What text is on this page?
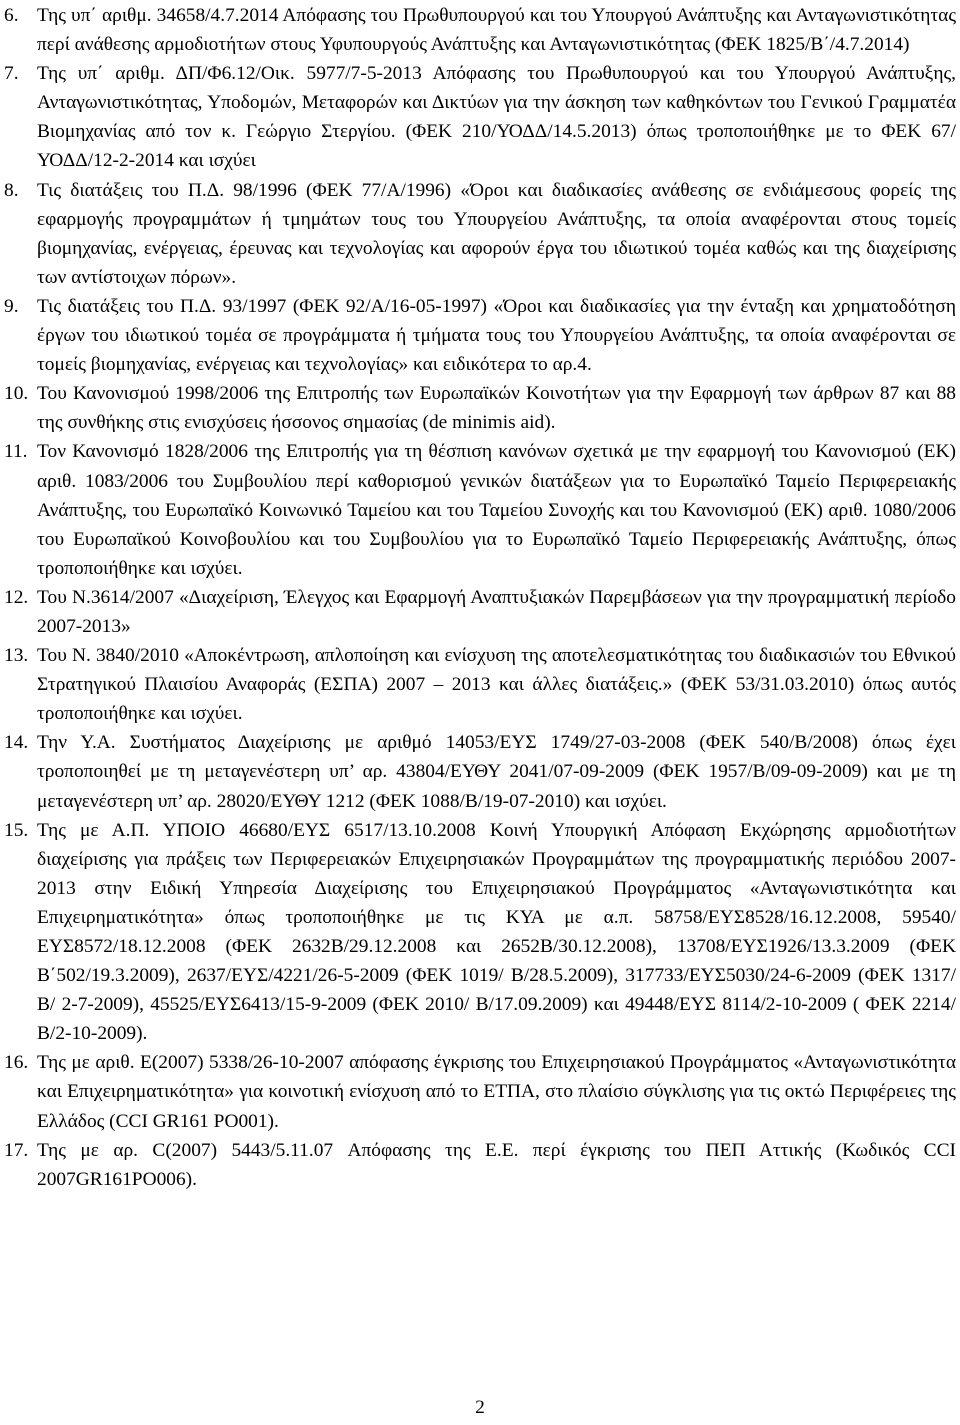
6. Της υπ΄ αριθμ. 34658/4.7.2014 Απόφασης του Πρωθυπουργού και του Υπουργού Ανάπτυξης και Ανταγωνιστικότητας περί ανάθεσης αρμοδιοτήτων στους Υφυπουργούς Ανάπτυξης και Ανταγωνιστικότητας (ΦΕΚ 1825/Β΄/4.7.2014)
7. Της υπ΄ αριθμ. ΔΠ/Φ6.12/Οικ. 5977/7-5-2013 Απόφασης του Πρωθυπουργού και του Υπουργού Ανάπτυξης, Ανταγωνιστικότητας, Υποδομών, Μεταφορών και Δικτύων για την άσκηση των καθηκόντων του Γενικού Γραμματέα Βιομηχανίας από τον κ. Γεώργιο Στεργίου. (ΦΕΚ 210/ΥΟΔΔ/14.5.2013) όπως τροποποιήθηκε με το ΦΕΚ 67/ΥΟΔΔ/12-2-2014 και ισχύει
8. Τις διατάξεις του Π.Δ. 98/1996 (ΦΕΚ 77/Α/1996) «Όροι και διαδικασίες ανάθεσης σε ενδιάμεσους φορείς της εφαρμογής προγραμμάτων ή τμημάτων τους του Υπουργείου Ανάπτυξης, τα οποία αναφέρονται στους τομείς βιομηχανίας, ενέργειας, έρευνας και τεχνολογίας και αφορούν έργα του ιδιωτικού τομέα καθώς και της διαχείρισης των αντίστοιχων πόρων».
9. Τις διατάξεις του Π.Δ. 93/1997 (ΦΕΚ 92/Α/16-05-1997) «Όροι και διαδικασίες για την ένταξη και χρηματοδότηση έργων του ιδιωτικού τομέα σε προγράμματα ή τμήματα τους του Υπουργείου Ανάπτυξης, τα οποία αναφέρονται σε τομείς βιομηχανίας, ενέργειας και τεχνολογίας» και ειδικότερα το αρ.4.
10. Του Κανονισμού 1998/2006 της Επιτροπής των Ευρωπαϊκών Κοινοτήτων για την Εφαρμογή των άρθρων 87 και 88 της συνθήκης στις ενισχύσεις ήσσονος σημασίας (de minimis aid).
11. Τον Κανονισμό 1828/2006 της Επιτροπής για τη θέσπιση κανόνων σχετικά με την εφαρμογή του Κανονισμού (ΕΚ) αριθ. 1083/2006 του Συμβουλίου περί καθορισμού γενικών διατάξεων για το Ευρωπαϊκό Ταμείο Περιφερειακής Ανάπτυξης, του Ευρωπαϊκό Κοινωνικό Ταμείου και του Ταμείου Συνοχής και του Κανονισμού (ΕΚ) αριθ. 1080/2006 του Ευρωπαϊκού Κοινοβουλίου και του Συμβουλίου για το Ευρωπαϊκό Ταμείο Περιφερειακής Ανάπτυξης, όπως τροποποιήθηκε και ισχύει.
12. Του Ν.3614/2007 «Διαχείριση, Έλεγχος και Εφαρμογή Αναπτυξιακών Παρεμβάσεων για την προγραμματική περίοδο 2007-2013»
13. Του Ν. 3840/2010 «Αποκέντρωση, απλοποίηση και ενίσχυση της αποτελεσματικότητας του διαδικασιών του Εθνικού Στρατηγικού Πλαισίου Αναφοράς (ΕΣΠΑ) 2007 – 2013 και άλλες διατάξεις.» (ΦΕΚ 53/31.03.2010) όπως αυτός τροποποιήθηκε και ισχύει.
14. Την Υ.Α. Συστήματος Διαχείρισης με αριθμό 14053/ΕΥΣ 1749/27-03-2008 (ΦΕΚ 540/Β/2008) όπως έχει τροποποιηθεί με τη μεταγενέστερη υπ’ αρ. 43804/ΕΥΘΥ 2041/07-09-2009 (ΦΕΚ 1957/Β/09-09-2009) και με τη μεταγενέστερη υπ’ αρ. 28020/ΕΥΘΥ 1212 (ΦΕΚ 1088/Β/19-07-2010) και ισχύει.
15. Της με Α.Π. ΥΠΟΙΟ 46680/ΕΥΣ 6517/13.10.2008 Κοινή Υπουργική Απόφαση Εκχώρησης αρμοδιοτήτων διαχείρισης για πράξεις των Περιφερειακών Επιχειρησιακών Προγραμμάτων της προγραμματικής περιόδου 2007-2013 στην Ειδική Υπηρεσία Διαχείρισης του Επιχειρησιακού Προγράμματος «Ανταγωνιστικότητα και Επιχειρηματικότητα» όπως τροποποιήθηκε με τις ΚΥΑ με α.π. 58758/ΕΥΣ8528/16.12.2008, 59540/ΕΥΣ8572/18.12.2008 (ΦΕΚ 2632Β/29.12.2008 και 2652Β/30.12.2008), 13708/ΕΥΣ1926/13.3.2009 (ΦΕΚ Β΄502/19.3.2009), 2637/ΕΥΣ/4221/26-5-2009 (ΦΕΚ 1019/ Β/28.5.2009), 317733/ΕΥΣ5030/24-6-2009 (ΦΕΚ 1317/ Β/ 2-7-2009), 45525/ΕΥΣ6413/15-9-2009 (ΦΕΚ 2010/ Β/17.09.2009) και 49448/ΕΥΣ 8114/2-10-2009 ( ΦΕΚ 2214/ Β/2-10-2009).
16. Της με αριθ. Ε(2007) 5338/26-10-2007 απόφασης έγκρισης του Επιχειρησιακού Προγράμματος «Ανταγωνιστικότητα και Επιχειρηματικότητα» για κοινοτική ενίσχυση από το ΕΤΠΑ, στο πλαίσιο σύγκλισης για τις οκτώ Περιφέρειες της Ελλάδος (CCI GR161 PO001).
17. Της με αρ. C(2007) 5443/5.11.07 Απόφασης της Ε.Ε. περί έγκρισης του ΠΕΠ Αττικής (Κωδικός CCI 2007GR161PO006).
2
